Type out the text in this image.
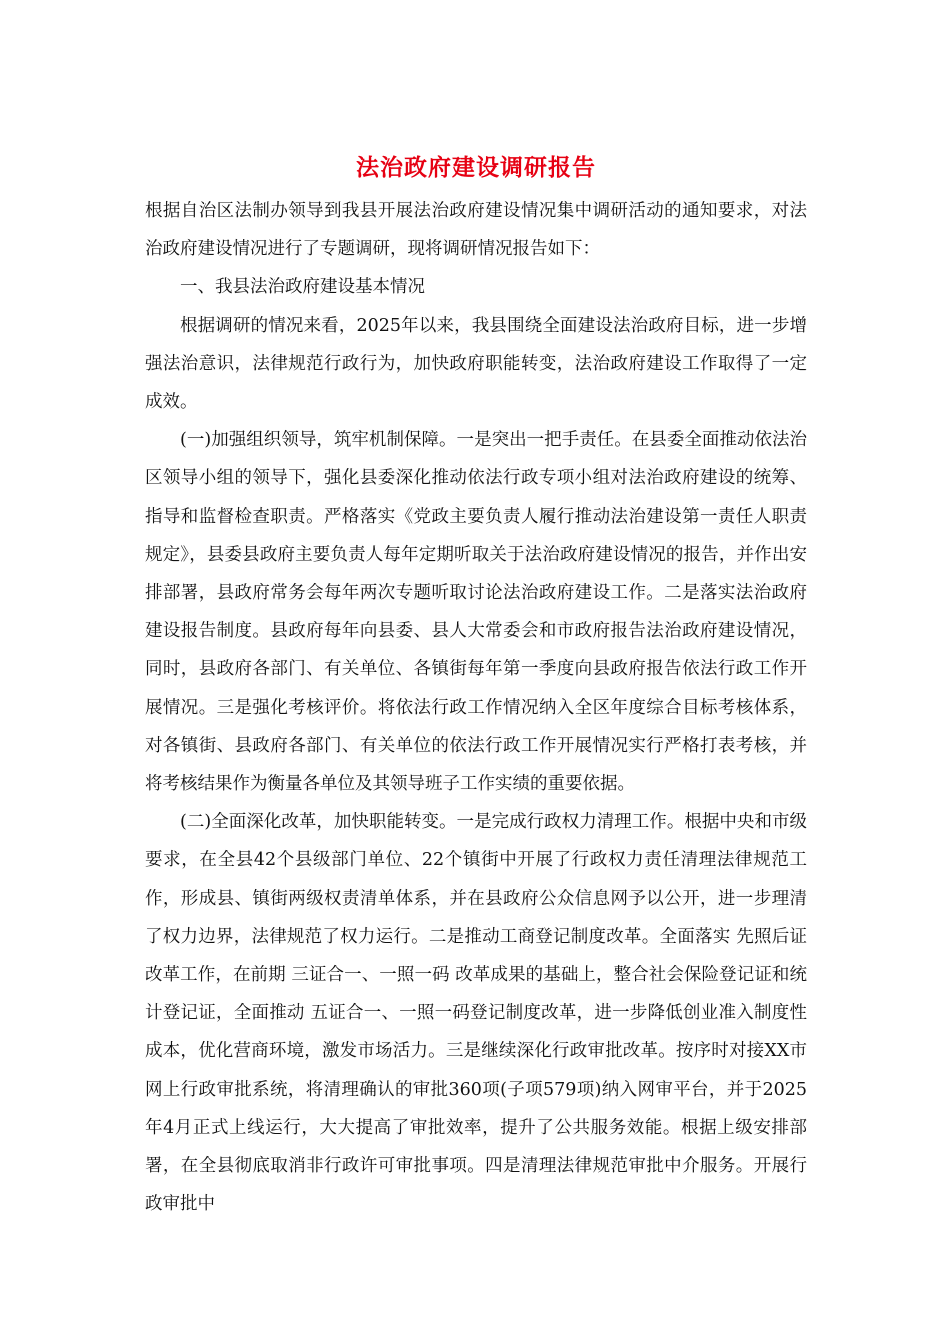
法治政府建设调研报告

根据自治区法制办领导到我县开展法治政府建设情况集中调研活动的通知要求，对法治政府建设情况进行了专题调研，现将调研情况报告如下：

一、我县法治政府建设基本情况

根据调研的情况来看，2025年以来，我县围绕全面建设法治政府目标，进一步增强法治意识，法律规范行政行为，加快政府职能转变，法治政府建设工作取得了一定成效。

(一)加强组织领导，筑牢机制保障。一是突出一把手责任。在县委全面推动依法治区领导小组的领导下，强化县委深化推动依法行政专项小组对法治政府建设的统筹、指导和监督检查职责。严格落实《党政主要负责人履行推动法治建设第一责任人职责规定》，县委县政府主要负责人每年定期听取关于法治政府建设情况的报告，并作出安排部署，县政府常务会每年两次专题听取讨论法治政府建设工作。二是落实法治政府建设报告制度。县政府每年向县委、县人大常委会和市政府报告法治政府建设情况，同时，县政府各部门、有关单位、各镇街每年第一季度向县政府报告依法行政工作开展情况。三是强化考核评价。将依法行政工作情况纳入全区年度综合目标考核体系，对各镇街、县政府各部门、有关单位的依法行政工作开展情况实行严格打表考核，并将考核结果作为衡量各单位及其领导班子工作实绩的重要依据。

(二)全面深化改革，加快职能转变。一是完成行政权力清理工作。根据中央和市级要求，在全县42个县级部门单位、22个镇街中开展了行政权力责任清理法律规范工作，形成县、镇街两级权责清单体系，并在县政府公众信息网予以公开，进一步理清了权力边界，法律规范了权力运行。二是推动工商登记制度改革。全面落实 先照后证 改革工作，在前期 三证合一、一照一码 改革成果的基础上，整合社会保险登记证和统计登记证，全面推动 五证合一、一照一码登记制度改革，进一步降低创业准入制度性成本，优化营商环境，激发市场活力。三是继续深化行政审批改革。按序时对接XX市网上行政审批系统，将清理确认的审批360项(子项579项)纳入网审平台，并于2025年4月正式上线运行，大大提高了审批效率，提升了公共服务效能。根据上级安排部署，在全县彻底取消非行政许可审批事项。四是清理法律规范审批中介服务。开展行政审批中
